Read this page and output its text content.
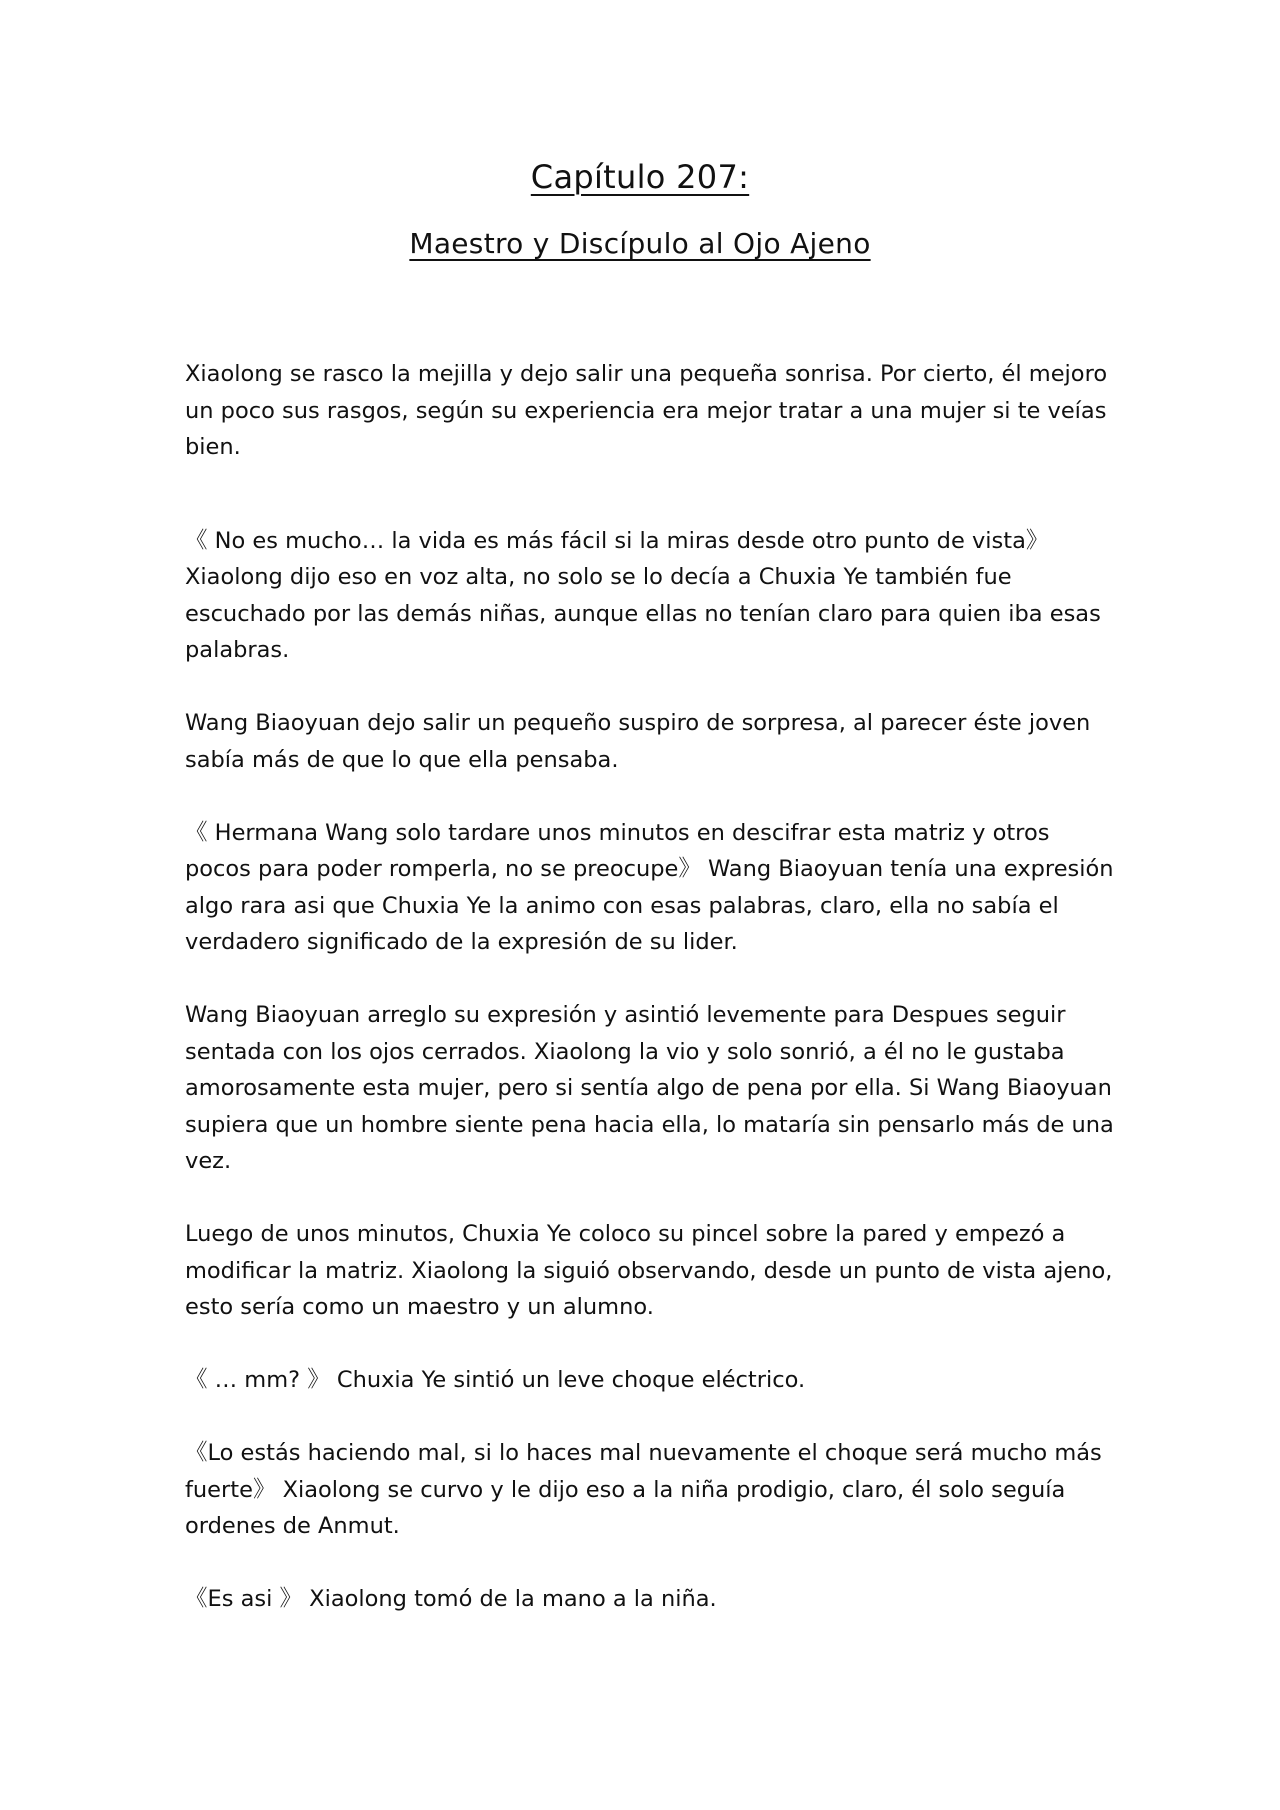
Capítulo 207:
Maestro y Discípulo al Ojo Ajeno

Xiaolong se rasco la mejilla y dejo salir una pequeña sonrisa. Por cierto, él mejoro un poco sus rasgos, según su experiencia era mejor tratar a una mujer si te veías bien.

《 No es mucho… la vida es más fácil si la miras desde otro punto de vista》 Xiaolong dijo eso en voz alta, no solo se lo decía a Chuxia Ye también fue escuchado por las demás niñas, aunque ellas no tenían claro para quien iba esas palabras.

Wang Biaoyuan dejo salir un pequeño suspiro de sorpresa, al parecer éste joven sabía más de que lo que ella pensaba.

《 Hermana Wang solo tardare unos minutos en descifrar esta matriz y otros pocos para poder romperla, no se preocupe》 Wang Biaoyuan tenía una expresión algo rara asi que Chuxia Ye la animo con esas palabras, claro, ella no sabía el verdadero significado de la expresión de su lider.

Wang Biaoyuan arreglo su expresión y asintió levemente para Despues seguir sentada con los ojos cerrados. Xiaolong la vio y solo sonrió, a él no le gustaba amorosamente esta mujer, pero si sentía algo de pena por ella. Si Wang Biaoyuan supiera que un hombre siente pena hacia ella, lo mataría sin pensarlo más de una vez.

Luego de unos minutos, Chuxia Ye coloco su pincel sobre la pared y empezó a modificar la matriz. Xiaolong la siguió observando, desde un punto de vista ajeno, esto sería como un maestro y un alumno.

《 … mm? 》 Chuxia Ye sintió un leve choque eléctrico.

《Lo estás haciendo mal, si lo haces mal nuevamente el choque será mucho más fuerte》 Xiaolong se curvo y le dijo eso a la niña prodigio, claro, él solo seguía ordenes de Anmut.

《Es asi 》 Xiaolong tomó de la mano a la niña.
